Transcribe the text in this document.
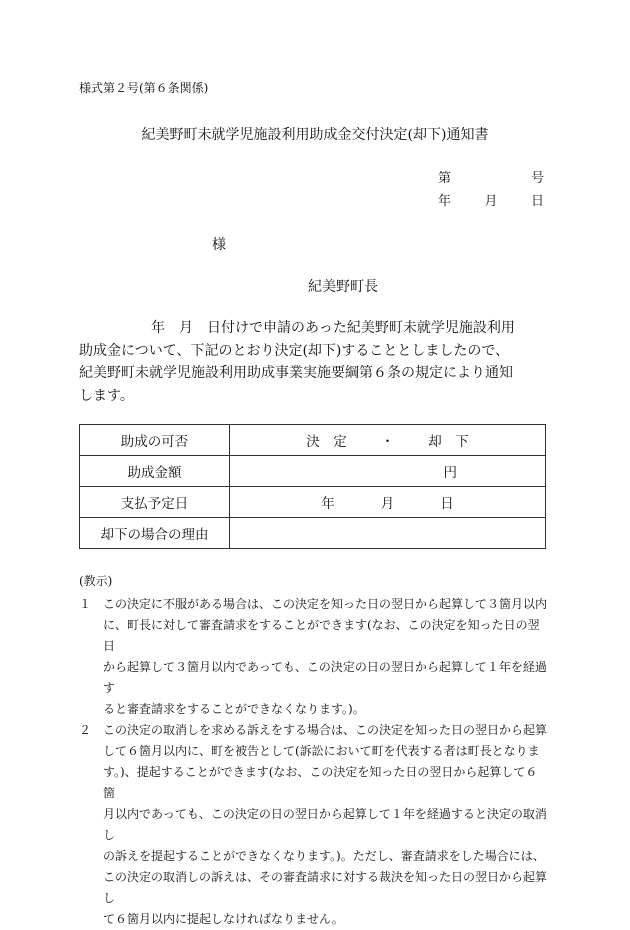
様式第２号(第６条関係)
紀美野町未就学児施設利用助成金交付決定(却下)通知書
第	号
年	月	日
様
紀美野町長

年　月　日付けで申請のあった紀美野町未就学児施設利用

助成金について、下記のとおり決定(却下)することとしましたので、

紀美野町未就学児施設利用助成事業実施要綱第６条の規定により通知

します。

助成の可否	決　定 ・ 却　下

助成金額	円
支払予定日	年 月 日

却下の場合の理由	
(教示)
１ この決定に不服がある場合は、この決定を知った日の翌日から起算して３箇月以内

に、町長に対して審査請求をすることができます(なお、この決定を知った日の翌日

から起算して３箇月以内であっても、この決定の日の翌日から起算して１年を経過す

ると審査請求をすることができなくなります。)。

２ この決定の取消しを求める訴えをする場合は、この決定を知った日の翌日から起算

して６箇月以内に、町を被告として(訴訟において町を代表する者は町長となりま

す。)、提起することができます(なお、この決定を知った日の翌日から起算して６箇

月以内であっても、この決定の日の翌日から起算して１年を経過すると決定の取消し

の訴えを提起することができなくなります。)。ただし、審査請求をした場合には、

この決定の取消しの訴えは、その審査請求に対する裁決を知った日の翌日から起算し

て６箇月以内に提起しなければなりません。
